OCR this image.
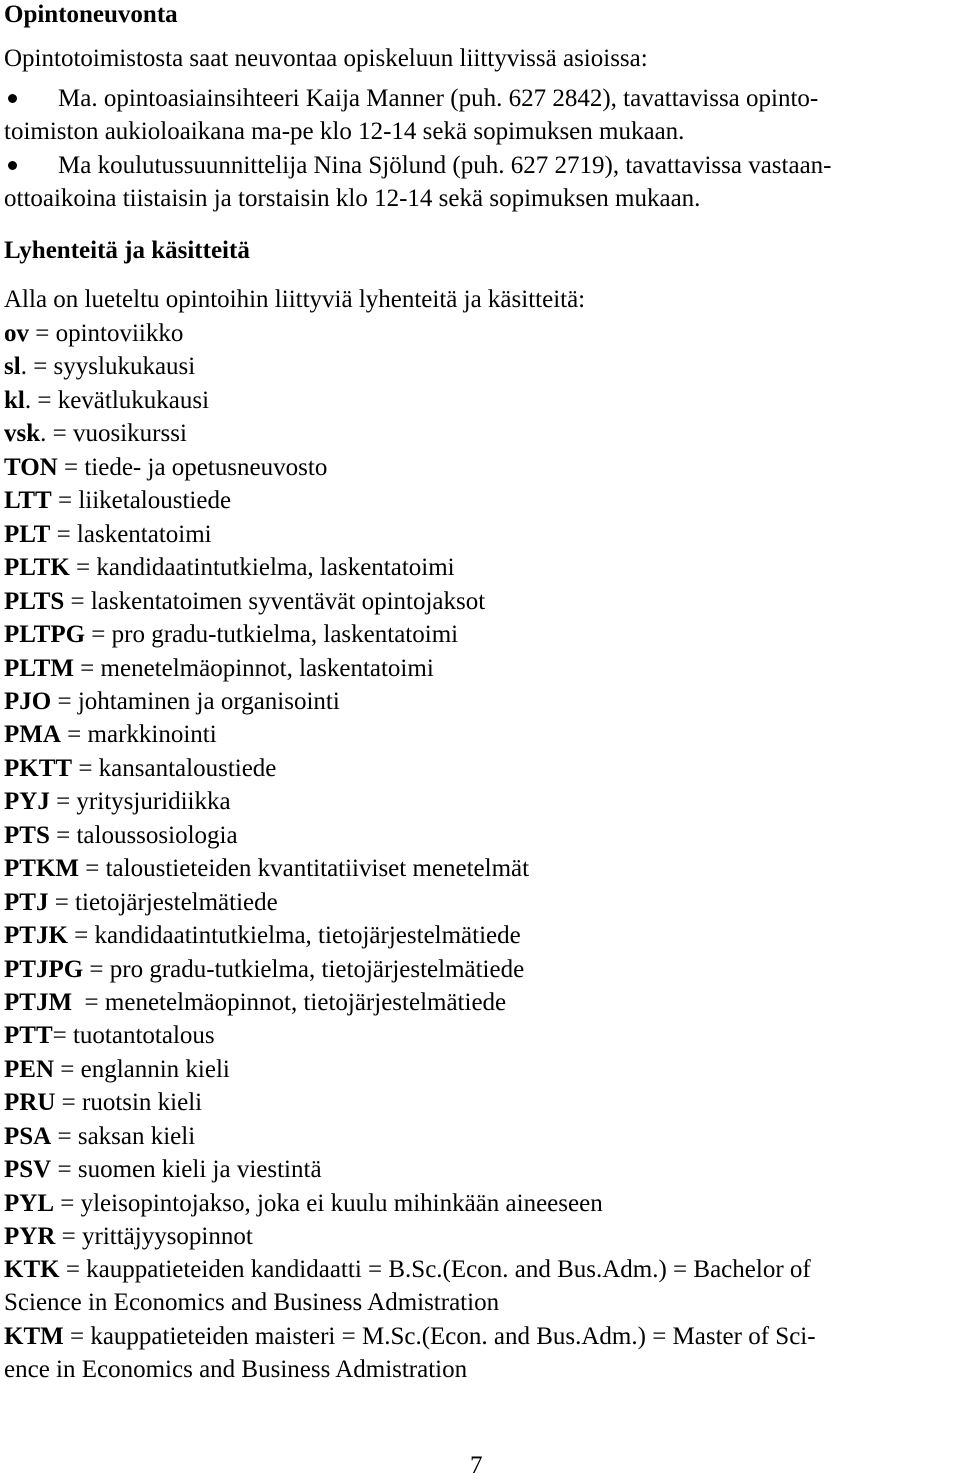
Opintoneuvonta
Opintotoimistosta saat neuvontaa opiskeluun liittyvissä asioissa:
Ma. opintoasiainsihteeri Kaija Manner (puh. 627 2842), tavattavissa opinto-
toimiston aukioloaikana ma-pe klo 12-14 sekä sopimuksen mukaan.
Ma koulutussuunnittelija Nina Sjölund (puh. 627 2719), tavattavissa vastaan-
ottoaikoina tiistaisin ja torstaisin klo 12-14 sekä sopimuksen mukaan.
Lyhenteitä ja käsitteitä
Alla on lueteltu opintoihin liittyviä lyhenteitä ja käsitteitä:
ov = opintoviikko
sl. = syyslukukausi
kl. = kevätlukukausi
vsk. = vuosikurssi
TON = tiede- ja opetusneuvosto
LTT = liiketaloustiede
PLT = laskentatoimi
PLTK = kandidaatintutkielma, laskentatoimi
PLTS = laskentatoimen syventävät opintojaksot
PLTPG = pro gradu-tutkielma, laskentatoimi
PLTM = menetelmäopinnot, laskentatoimi
PJO = johtaminen ja organisointi
PMA = markkinointi
PKTT = kansantaloustiede
PYJ = yritysjuridiikka
PTS = taloussosiologia
PTKM = taloustieteiden kvantitatiiviset menetelmät
PTJ = tietojärjestelmätiede
PTJK = kandidaatintutkielma, tietojärjestelmätiede
PTJPG = pro gradu-tutkielma, tietojärjestelmätiede
PTJM  = menetelmäopinnot, tietojärjestelmätiede
PTT= tuotantotalous
PEN = englannin kieli
PRU = ruotsin kieli
PSA = saksan kieli
PSV = suomen kieli ja viestintä
PYL = yleisopintojakso, joka ei kuulu mihinkään aineeseen
PYR = yrittäjyysopinnot
KTK = kauppatieteiden kandidaatti = B.Sc.(Econ. and Bus.Adm.) = Bachelor of
Science in Economics and Business Admistration
KTM = kauppatieteiden maisteri = M.Sc.(Econ. and Bus.Adm.) = Master of Sci-
ence in Economics and Business Admistration
7
